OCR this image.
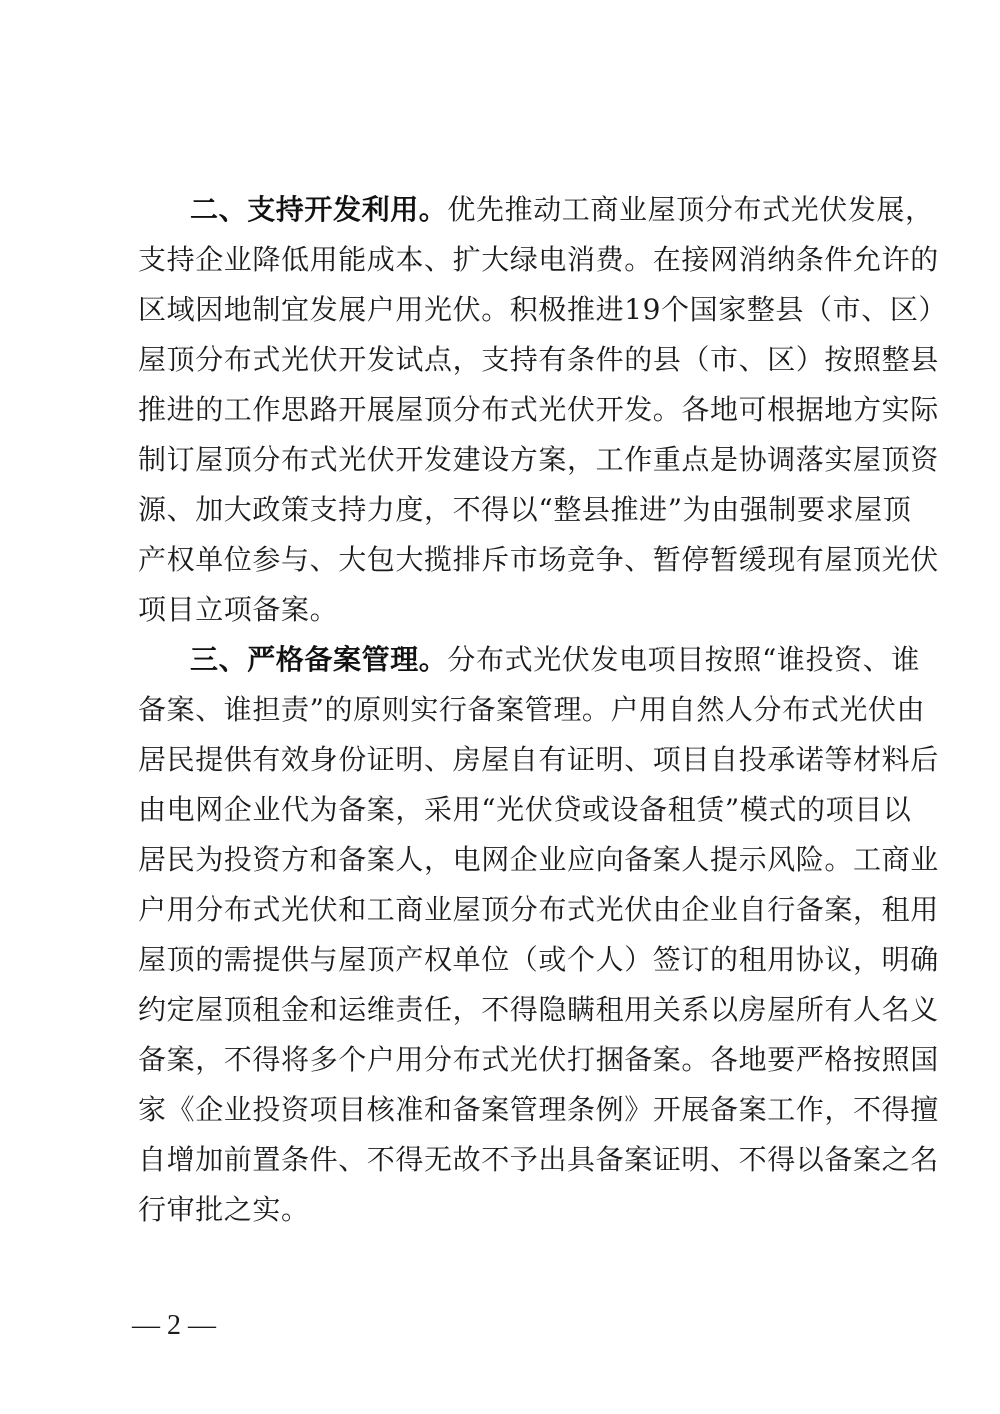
二、支持开发利用。优先推动工商业屋顶分布式光伏发展，
支持企业降低用能成本、扩大绿电消费。在接网消纳条件允许的
区域因地制宜发展户用光伏。积极推进19个国家整县（市、区）
屋顶分布式光伏开发试点，支持有条件的县（市、区）按照整县
推进的工作思路开展屋顶分布式光伏开发。各地可根据地方实际
制订屋顶分布式光伏开发建设方案，工作重点是协调落实屋顶资
源、加大政策支持力度，不得以“整县推进”为由强制要求屋顶
产权单位参与、大包大揽排斥市场竞争、暂停暂缓现有屋顶光伏
项目立项备案。
三、严格备案管理。分布式光伏发电项目按照“谁投资、谁
备案、谁担责”的原则实行备案管理。户用自然人分布式光伏由
居民提供有效身份证明、房屋自有证明、项目自投承诺等材料后
由电网企业代为备案，采用“光伏贷或设备租赁”模式的项目以
居民为投资方和备案人，电网企业应向备案人提示风险。工商业
户用分布式光伏和工商业屋顶分布式光伏由企业自行备案，租用
屋顶的需提供与屋顶产权单位（或个人）签订的租用协议，明确
约定屋顶租金和运维责任，不得隐瞒租用关系以房屋所有人名义
备案，不得将多个户用分布式光伏打捆备案。各地要严格按照国
家《企业投资项目核准和备案管理条例》开展备案工作，不得擅
自增加前置条件、不得无故不予出具备案证明、不得以备案之名
行审批之实。
— 2 —
